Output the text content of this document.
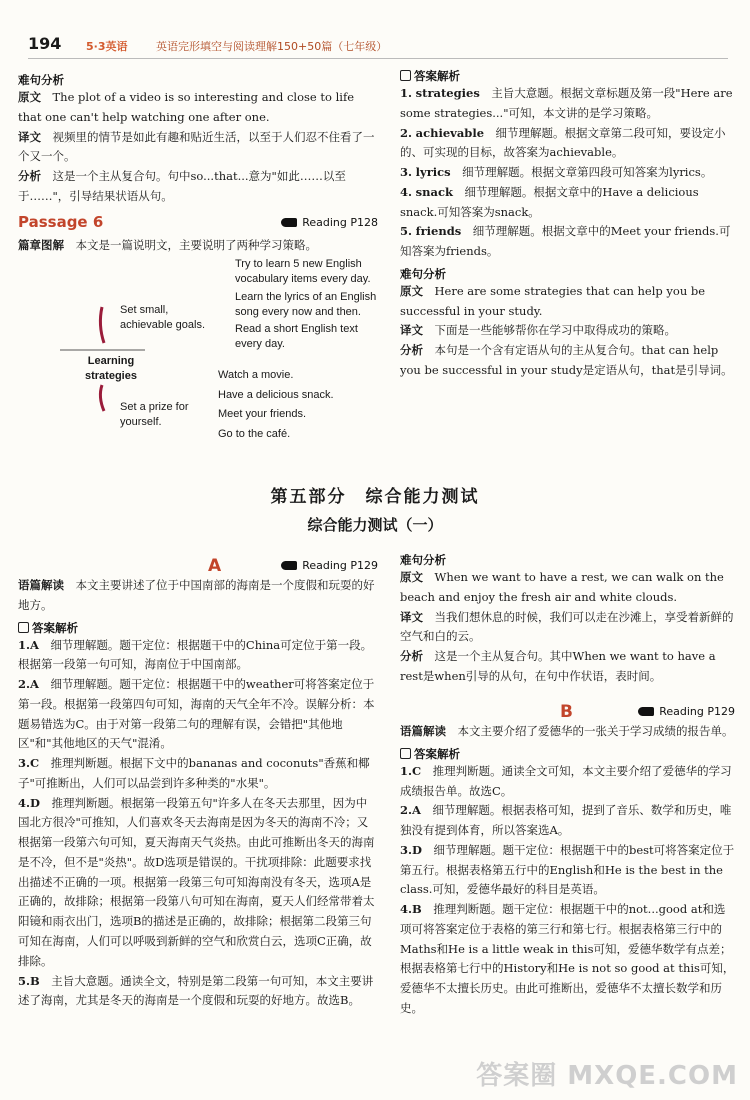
194 5·3英语	英语完形填空与阅读理解150+50篇（七年级）
难句分析

原文　 The plot of a video is so interesting and close to life that one can't help watching one after one.

译文　 视频里的情节是如此有趣和贴近生活，以至于人们忍不住看了一个又一个。

分析　 这是一个主从复合句。句中so...that...意为"如此……以至于……"，引导结果状语从句。

Passage 6	Reading P128
篇章图解　 本文是一篇说明文，主要说明了两种学习策略。
Set small, achievable goals.
Learning strategies
Set a prize for yourself.
Try to learn 5 new English vocabulary items every day.
Learn the lyrics of an English song every now and then.
Read a short English text every day.
Watch a movie.
Have a delicious snack.
Meet your friends.
Go to the café.
答案解析

1. strategies　 主旨大意题。根据文章标题及第一段"Here are some strategies..."可知，本文讲的是学习策略。

2. achievable　 细节理解题。根据文章第二段可知，要设定小的、可实现的目标，故答案为achievable。

3. lyrics　 细节理解题。根据文章第四段可知答案为lyrics。

4. snack　 细节理解题。根据文章中的Have a delicious snack.可知答案为snack。

5. friends　 细节理解题。根据文章中的Meet your friends.可知答案为friends。

难句分析

原文　 Here are some strategies that can help you be successful in your study.

译文　 下面是一些能够帮你在学习中取得成功的策略。

分析　 本句是一个含有定语从句的主从复合句。that can help you be successful in your study是定语从句，that是引导词。

第五部分　综合能力测试
综合能力测试（一）
A	Reading P129

语篇解读　 本文主要讲述了位于中国南部的海南是一个度假和玩耍的好地方。

答案解析

1.A　 细节理解题。题干定位：根据题干中的China可定位于第一段。根据第一段第一句可知，海南位于中国南部。

2.A　 细节理解题。题干定位：根据题干中的weather可将答案定位于第一段。根据第一段第四句可知，海南的天气全年不冷。误解分析：本题易错选为C。由于对第一段第二句的理解有误，会错把"其他地区"和"其他地区的天气"混淆。

3.C　 推理判断题。根据下文中的bananas and coconuts"香蕉和椰子"可推断出，人们可以品尝到许多种类的"水果"。

4.D　 推理判断题。根据第一段第五句"许多人在冬天去那里，因为中国北方很冷"可推知，人们喜欢冬天去海南是因为冬天的海南不冷；又根据第一段第六句可知，夏天海南天气炎热。由此可推断出冬天的海南是不冷，但不是"炎热"。故D选项是错误的。干扰项排除：此题要求找出描述不正确的一项。根据第一段第三句可知海南没有冬天，选项A是正确的，故排除；根据第一段第八句可知在海南，夏天人们经常带着太阳镜和雨衣出门，选项B的描述是正确的，故排除；根据第二段第三句可知在海南，人们可以呼吸到新鲜的空气和欣赏白云，选项C正确，故排除。

5.B　 主旨大意题。通读全文，特别是第二段第一句可知，本文主要讲述了海南，尤其是冬天的海南是一个度假和玩耍的好地方。故选B。

难句分析

原文　 When we want to have a rest, we can walk on the beach and enjoy the fresh air and white clouds.

译文　 当我们想休息的时候，我们可以走在沙滩上，享受着新鲜的空气和白的云。

分析　 这是一个主从复合句。其中When we want to have a rest是when引导的从句，在句中作状语，表时间。

B	Reading P129

语篇解读　 本文主要介绍了爱德华的一张关于学习成绩的报告单。

答案解析

1.C　 推理判断题。通读全文可知，本文主要介绍了爱德华的学习成绩报告单。故选C。

2.A　 细节理解题。根据表格可知，提到了音乐、数学和历史，唯独没有提到体育，所以答案选A。

3.D　 细节理解题。题干定位：根据题干中的best可将答案定位于第五行。根据表格第五行中的English和He is the best in the class.可知，爱德华最好的科目是英语。

4.B　 推理判断题。题干定位：根据题干中的not...good at和选项可将答案定位于表格的第三行和第七行。根据表格第三行中的Maths和He is a little weak in this可知，爱德华数学有点差；根据表格第七行中的History和He is not so good at this可知，爱德华不太擅长历史。由此可推断出，爱德华不太擅长数学和历史。

答案圈 MXQE.COM
